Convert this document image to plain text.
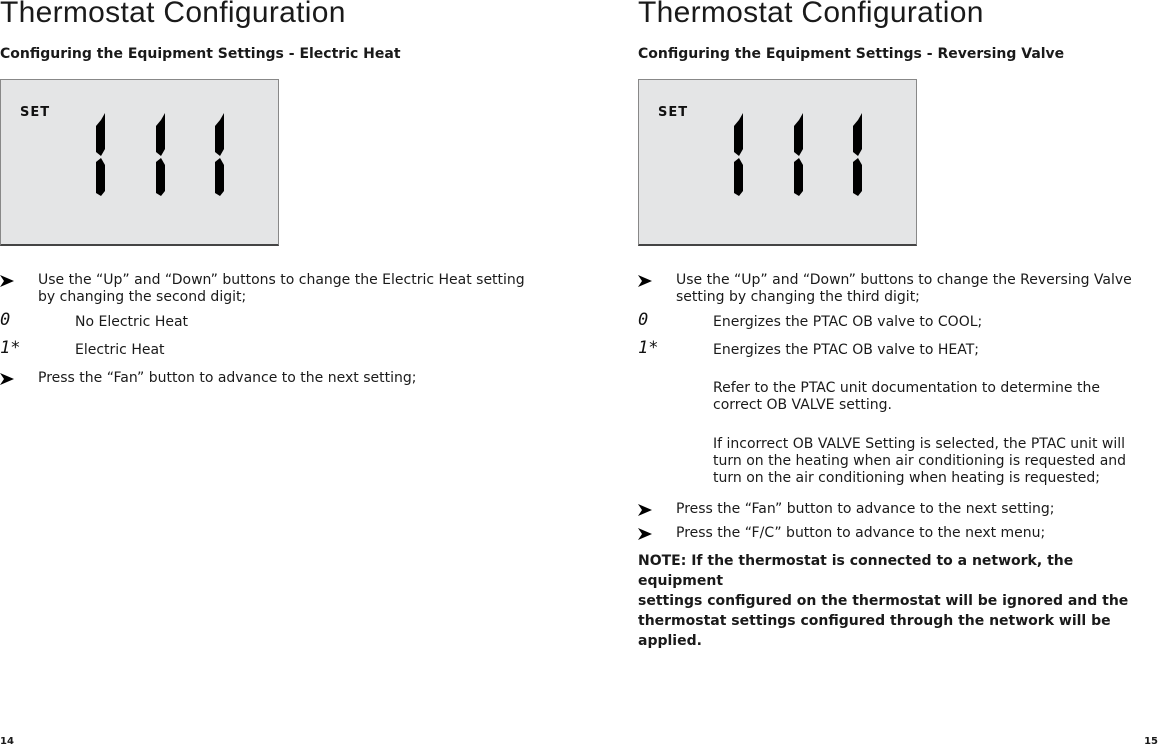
Thermostat Configuration
Configuring the Equipment Settings - Electric Heat
SET
Use the “Up” and “Down” buttons to change the Electric Heat setting
by changing the second digit;
0	No Electric Heat
1*	Electric Heat
Press the “Fan” button to advance to the next setting;
14
Thermostat Configuration
Configuring the Equipment Settings - Reversing Valve
SET
Use the “Up” and “Down” buttons to change the Reversing Valve
setting by changing the third digit;
0	Energizes the PTAC OB valve to COOL;
1*	Energizes the PTAC OB valve to HEAT;
Refer to the PTAC unit documentation to determine the
correct OB VALVE setting.
If incorrect OB VALVE Setting is selected, the PTAC unit will
turn on the heating when air conditioning is requested and
turn on the air conditioning when heating is requested;
Press the “Fan” button to advance to the next setting;
Press the “F/C” button to advance to the next menu;
NOTE: If the thermostat is connected to a network, the equipment
settings configured on the thermostat will be ignored and the
thermostat settings configured through the network will be applied.
15
